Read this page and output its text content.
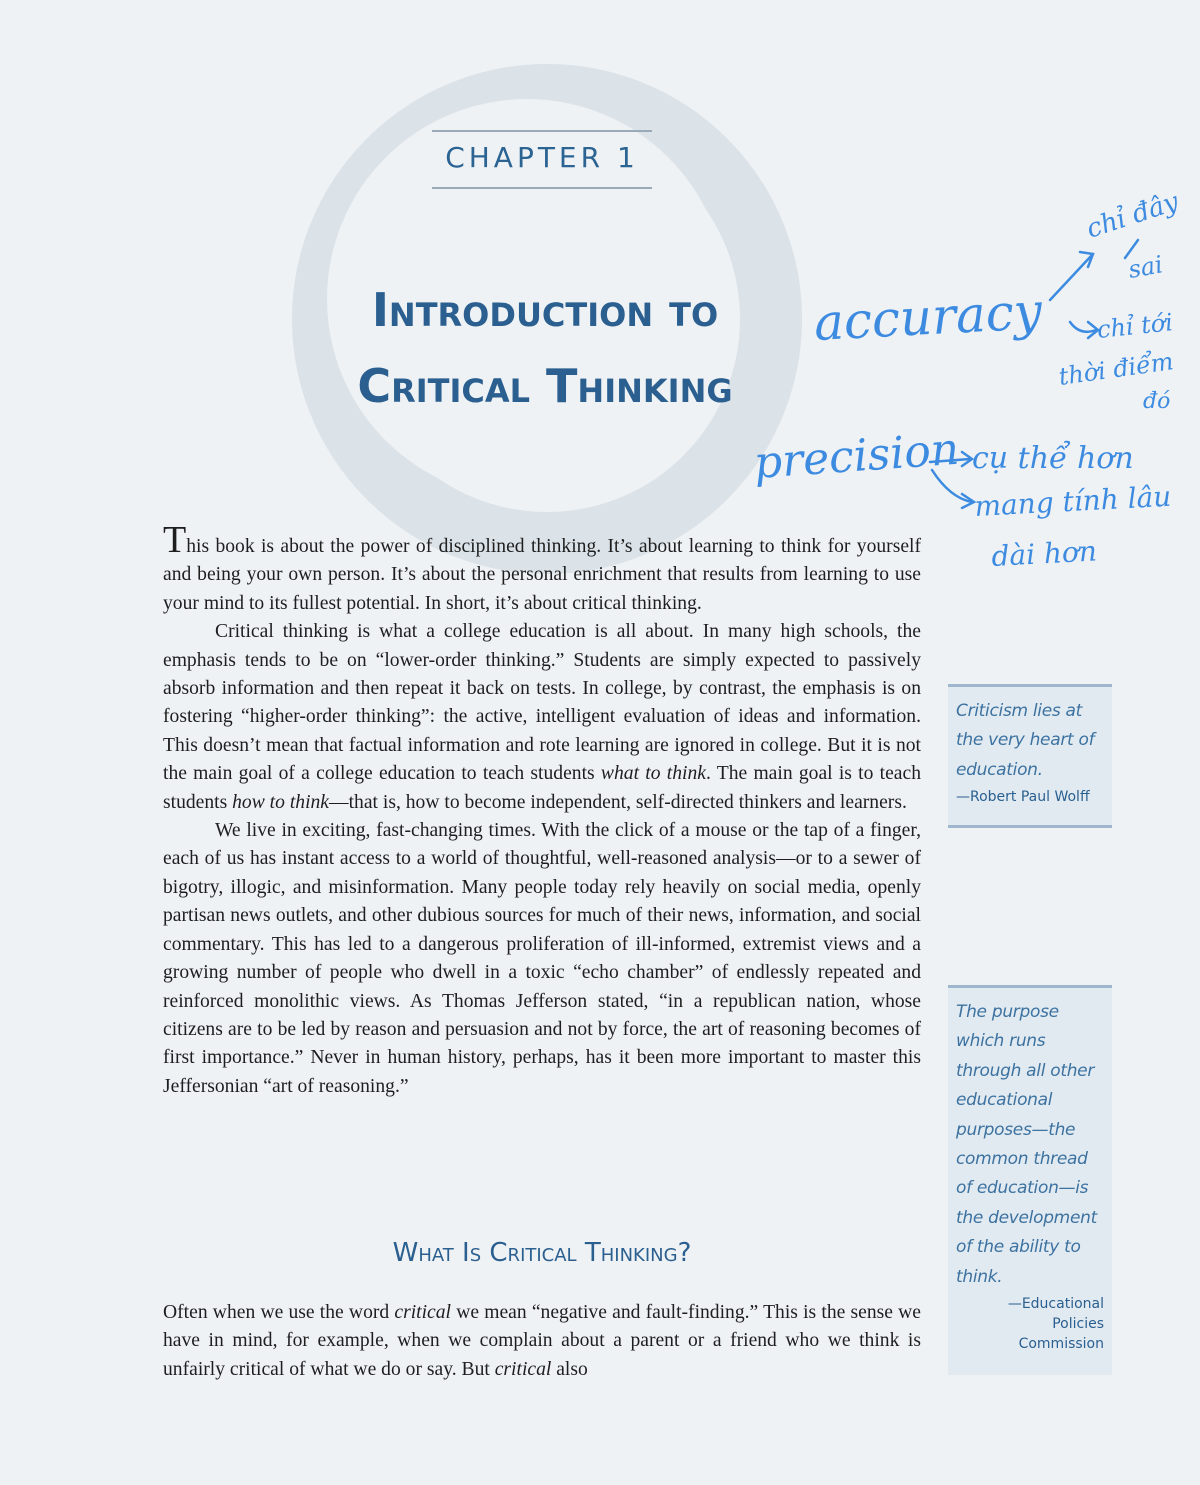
CHAPTER 1
Introduction to
Critical Thinking

This book is about the power of disciplined thinking. It’s about learning to think for yourself and being your own person. It’s about the personal enrichment that results from learning to use your mind to its fullest potential. In short, it’s about critical thinking.

Critical thinking is what a college education is all about. In many high schools, the emphasis tends to be on “lower-order thinking.” Students are simply expected to passively absorb information and then repeat it back on tests. In college, by contrast, the emphasis is on fostering “higher-order thinking”: the active, intelligent evaluation of ideas and information. This doesn’t mean that factual information and rote learning are ignored in college. But it is not the main goal of a college education to teach students what to think. The main goal is to teach students how to think—that is, how to become independent, self-directed thinkers and learners.

We live in exciting, fast-changing times. With the click of a mouse or the tap of a finger, each of us has instant access to a world of thoughtful, well-reasoned analysis—or to a sewer of bigotry, illogic, and misinformation. Many people today rely heavily on social media, openly partisan news outlets, and other dubious sources for much of their news, information, and social commentary. This has led to a dangerous proliferation of ill-informed, extremist views and a growing number of people who dwell in a toxic “echo chamber” of endlessly repeated and reinforced monolithic views. As Thomas Jefferson stated, “in a republican nation, whose citizens are to be led by reason and persuasion and not by force, the art of reasoning becomes of first importance.” Never in human history, perhaps, has it been more important to master this Jeffersonian “art of reasoning.”

What Is Critical Thinking?

Often when we use the word critical we mean “negative and fault-finding.” This is the sense we have in mind, for example, when we complain about a parent or a friend who we think is unfairly critical of what we do or say. But critical also

Criticism lies at the very heart of education.
—Robert Paul Wolff
The purpose which runs through all other educational purposes—the common thread of education—is the development of the ability to think.
—Educational
Policies
Commission
accuracy
chỉ đây
sai
chỉ tới
thời điểm
đó
precision cụ thể hơn
mang tính lâu
dài hơn
